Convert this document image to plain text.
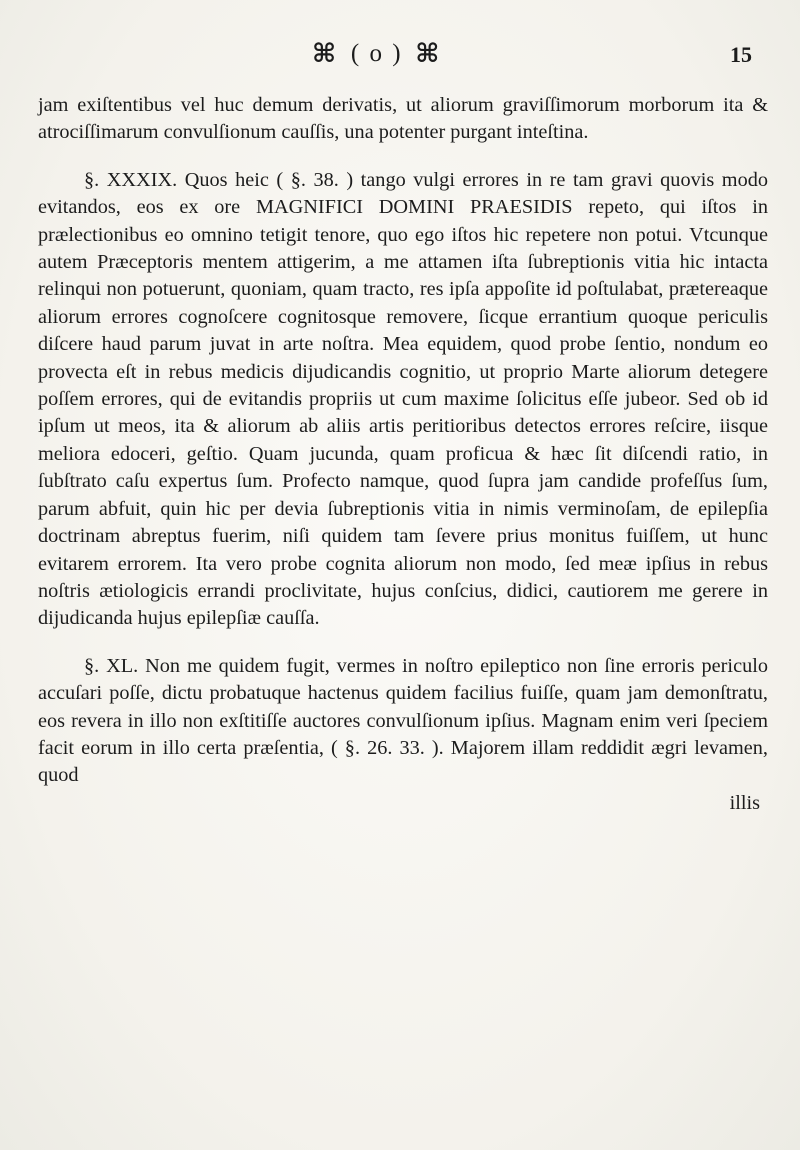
⌘ ( o ) ⌘	15

jam exiſtentibus vel huc demum derivatis, ut aliorum graviſſimorum morborum ita & atrociſſimarum convulſionum cauſſis, una potenter purgant inteſtina.

§. XXXIX. Quos heic ( §. 38. ) tango vulgi errores in re tam gravi quovis modo evitandos, eos ex ore MAGNIFICI DOMINI PRAESIDIS repeto, qui iſtos in prælectionibus eo omnino tetigit tenore, quo ego iſtos hic repetere non potui. Vtcunque autem Præceptoris mentem attigerim, a me attamen iſta ſubreptionis vitia hic intacta relinqui non potuerunt, quoniam, quam tracto, res ipſa appoſite id poſtulabat, prætereaque aliorum errores cognoſcere cognitosque removere, ſicque errantium quoque periculis diſcere haud parum juvat in arte noſtra. Mea equidem, quod probe ſentio, nondum eo provecta eſt in rebus medicis dijudicandis cognitio, ut proprio Marte aliorum detegere poſſem errores, qui de evitandis propriis ut cum maxime ſolicitus eſſe jubeor. Sed ob id ipſum ut meos, ita & aliorum ab aliis artis peritioribus detectos errores reſcire, iisque meliora edoceri, geſtio. Quam jucunda, quam proficua & hæc ſit diſcendi ratio, in ſubſtrato caſu expertus ſum. Profecto namque, quod ſupra jam candide profeſſus ſum, parum abfuit, quin hic per devia ſubreptionis vitia in nimis verminoſam, de epilepſia doctrinam abreptus fuerim, niſi quidem tam ſevere prius monitus fuiſſem, ut hunc evitarem errorem. Ita vero probe cognita aliorum non modo, ſed meæ ipſius in rebus noſtris ætiologicis errandi proclivitate, hujus conſcius, didici, cautiorem me gerere in dijudicanda hujus epilepſiæ cauſſa.

§. XL. Non me quidem fugit, vermes in noſtro epileptico non ſine erroris periculo accuſari poſſe, dictu probatuque hactenus quidem facilius fuiſſe, quam jam demonſtratu, eos revera in illo non exſtitiſſe auctores convulſionum ipſius. Magnam enim veri ſpeciem facit eorum in illo certa præſentia, ( §. 26. 33. ). Majorem illam reddidit ægri levamen, quod

illis
